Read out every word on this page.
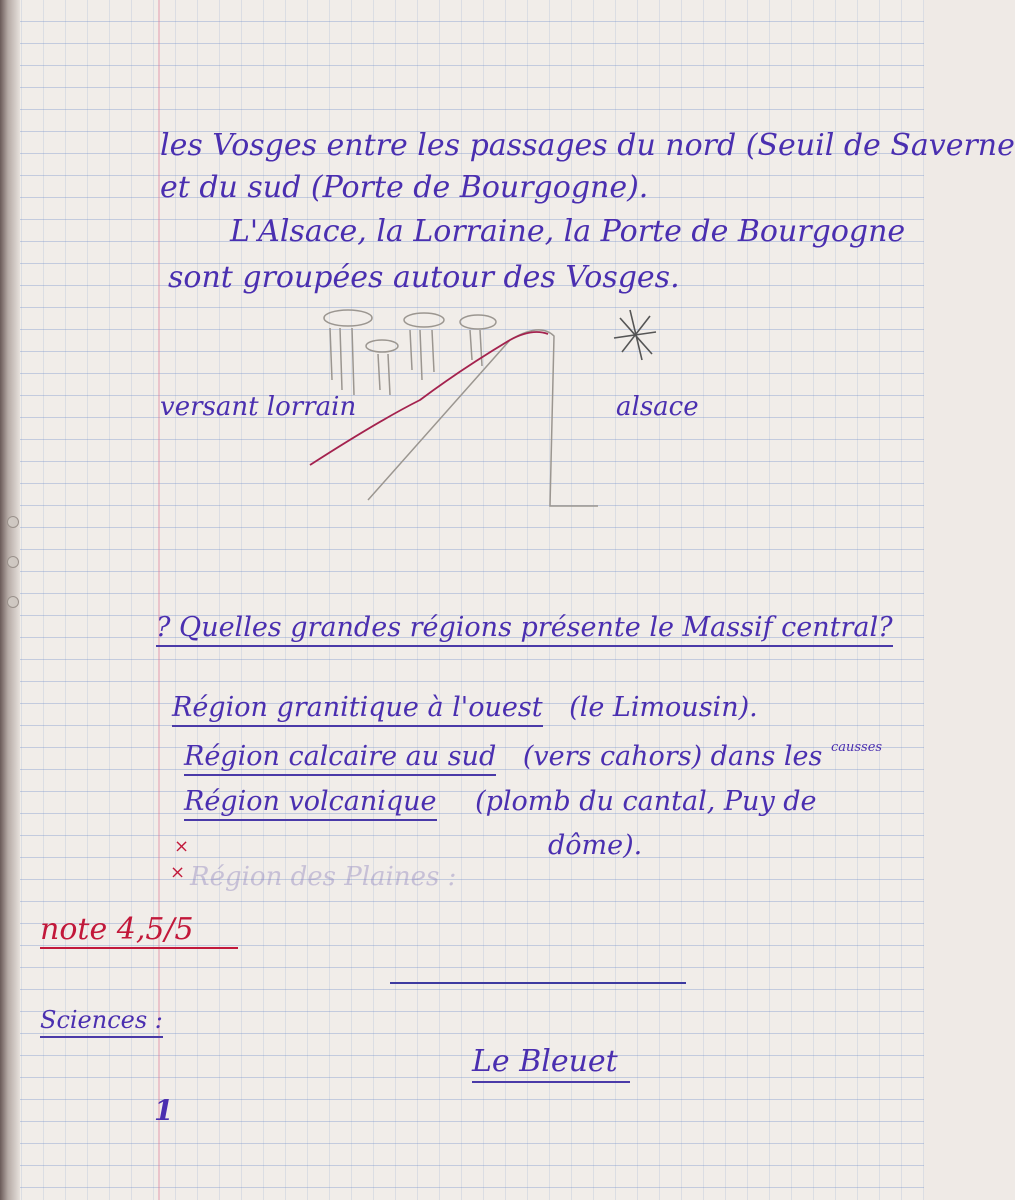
les Vosges entre les passages du nord (Seuil de Saverne
et du sud (Porte de Bourgogne).
L'Alsace, la Lorraine, la Porte de Bourgogne
sont groupées autour des Vosges.
versant lorrain	alsace
? Quelles grandes régions présente le Massif central?
Région granitique à l'ouest (le Limousin).
Région calcaire au sud (vers cahors) dans les $^{causses}$
Région volcanique (plomb du cantal, Puy de
dôme).
×
× Région des Plaines :
note 4,5/5
Sciences :
Le Bleuet
1
